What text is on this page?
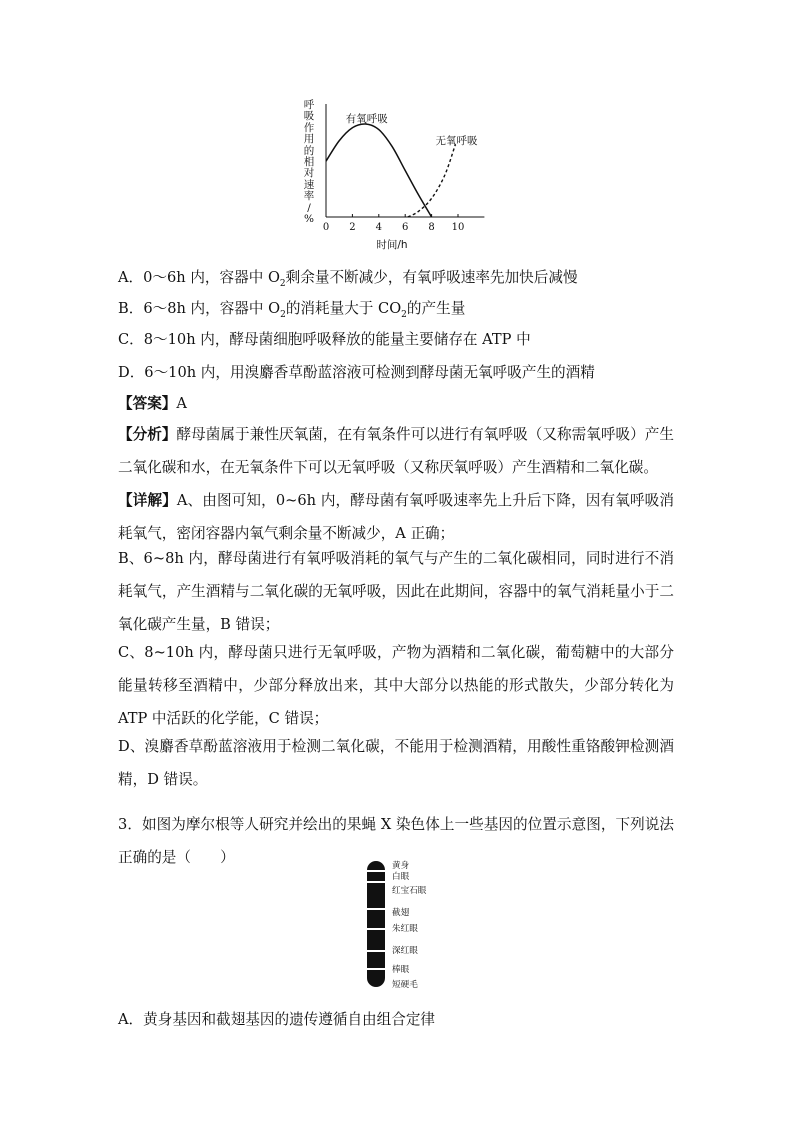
呼
吸
作
用
的
相
对
速
率
/
%
0 2 4 6 8 10
时间/h
有氧呼吸
无氧呼吸
A．0～6h 内，容器中 $O_2$剩余量不断减少，有氧呼吸速率先加快后减慢
B．6～8h 内，容器中 $O_2$的消耗量大于 $CO_2$的产生量
C．8～10h 内，酵母菌细胞呼吸释放的能量主要储存在 ATP 中
D．6～10h 内，用溴麝香草酚蓝溶液可检测到酵母菌无氧呼吸产生的酒精
【答案】A
【分析】酵母菌属于兼性厌氧菌，在有氧条件可以进行有氧呼吸（又称需氧呼吸）产生二氧化碳和水，在无氧条件下可以无氧呼吸（又称厌氧呼吸）产生酒精和二氧化碳。
【详解】A、由图可知，0~6h 内，酵母菌有氧呼吸速率先上升后下降，因有氧呼吸消耗氧气，密闭容器内氧气剩余量不断减少，A 正确；
B、6~8h 内，酵母菌进行有氧呼吸消耗的氧气与产生的二氧化碳相同，同时进行不消耗氧气，产生酒精与二氧化碳的无氧呼吸，因此在此期间，容器中的氧气消耗量小于二氧化碳产生量，B 错误；
C、8~10h 内，酵母菌只进行无氧呼吸，产物为酒精和二氧化碳，葡萄糖中的大部分能量转移至酒精中，少部分释放出来，其中大部分以热能的形式散失，少部分转化为 ATP 中活跃的化学能，C 错误；
D、溴麝香草酚蓝溶液用于检测二氧化碳，不能用于检测酒精，用酸性重铬酸钾检测酒精，D 错误。
3．如图为摩尔根等人研究并绘出的果蝇 X 染色体上一些基因的位置示意图，下列说法正确的是（　　）	黄身
白眼
红宝石眼
截翅
朱红眼
深红眼
棒眼
短硬毛
A．黄身基因和截翅基因的遗传遵循自由组合定律
